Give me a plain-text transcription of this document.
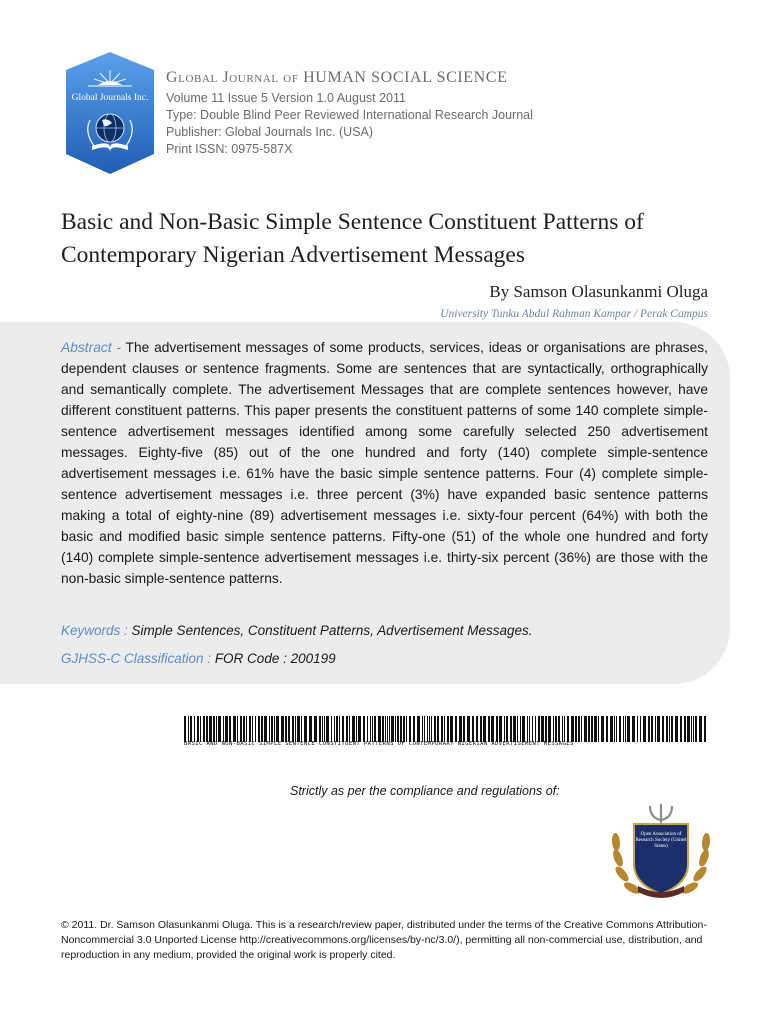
Global Journals Inc.
Global Journal of HUMAN SOCIAL SCIENCE
Volume 11 Issue 5 Version 1.0 August 2011
Type: Double Blind Peer Reviewed International Research Journal
Publisher: Global Journals Inc. (USA)
Print ISSN: 0975-587X
Basic and Non-Basic Simple Sentence Constituent Patterns of Contemporary Nigerian Advertisement Messages
By Samson Olasunkanmi Oluga
University Tunku Abdul Rahman Kampar / Perak Campus
Abstract - The advertisement messages of some products, services, ideas or organisations are phrases, dependent clauses or sentence fragments. Some are sentences that are syntactically, orthographically and semantically complete. The advertisement Messages that are complete sentences however, have different constituent patterns. This paper presents the constituent patterns of some 140 complete simple-sentence advertisement messages identified among some carefully selected 250 advertisement messages. Eighty-five (85) out of the one hundred and forty (140) complete simple-sentence advertisement messages i.e. 61% have the basic simple sentence patterns. Four (4) complete simple-sentence advertisement messages i.e. three percent (3%) have expanded basic sentence patterns making a total of eighty-nine (89) advertisement messages i.e. sixty-four percent (64%) with both the basic and modified basic simple sentence patterns. Fifty-one (51) of the whole one hundred and forty (140) complete simple-sentence advertisement messages i.e. thirty-six percent (36%) are those with the non-basic simple-sentence patterns.
Keywords : Simple Sentences, Constituent Patterns, Advertisement Messages.
GJHSS-C Classification : FOR Code : 200199
BASIC AND NON-BASIC SIMPLE SENTENCE CONSTITUENT PATTERNS OF CONTEMPORARY NIGERIAN ADVERTISEMENT MESSAGES
Strictly as per the compliance and regulations of:
Open Association of Research Society (United States)
© 2011. Dr. Samson Olasunkanmi Oluga. This is a research/review paper, distributed under the terms of the Creative Commons Attribution-Noncommercial 3.0 Unported License http://creativecommons.org/licenses/by-nc/3.0/), permitting all non-commercial use, distribution, and reproduction in any medium, provided the original work is properly cited.
